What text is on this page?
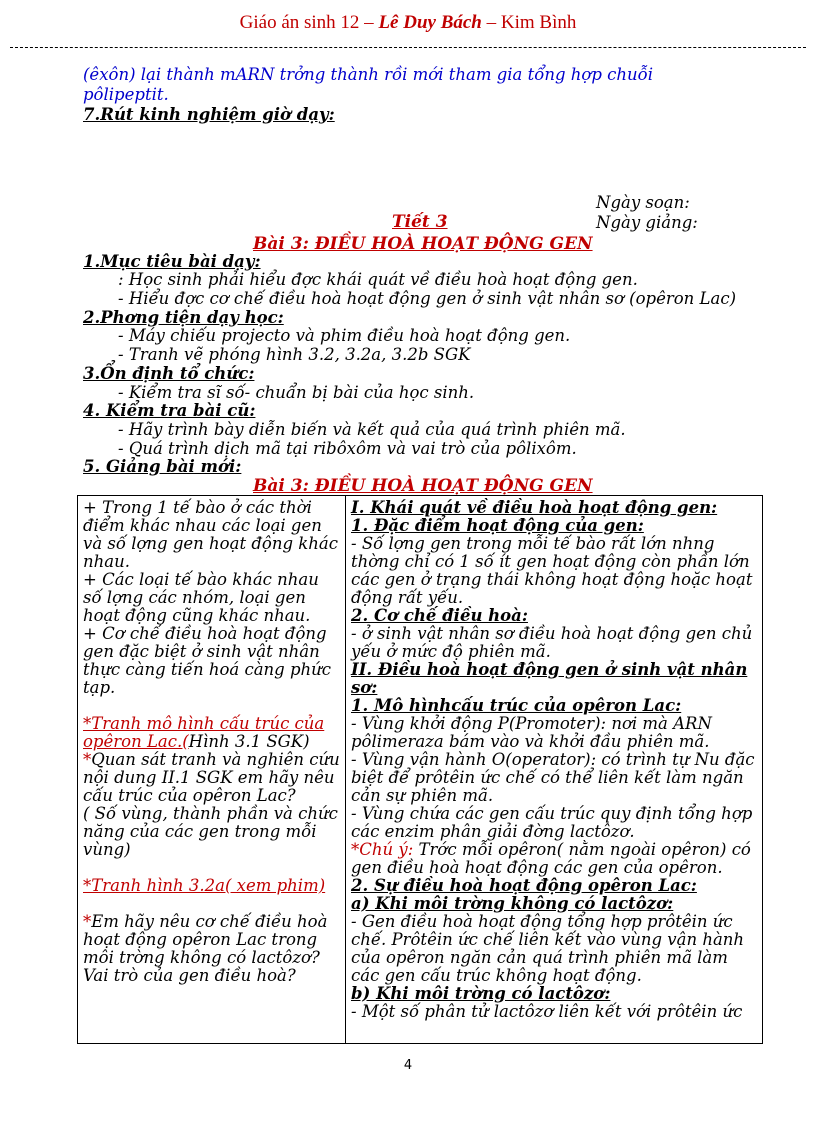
Giáo án sinh 12 – Lê Duy Bách – Kim Bình
(êxôn) lại thành mARN trởng thành rồi mới tham gia tổng hợp chuỗi
pôlipeptit.
7.Rút kinh nghiệm giờ dạy:
Ngày soạn:
Tiết 3	Ngày giảng:
Bài 3: ĐIỀU HOÀ HOẠT ĐỘNG GEN
1.Mục tiêu bài dạy:
: Học sinh phải hiểu đợc khái quát về điều hoà hoạt động gen.
- Hiểu đợc cơ chế điều hoà hoạt động gen ở sinh vật nhân sơ (opêron Lac)
2.Phơng tiện dạy học:
- Máy chiếu projecto và phim điều hoà hoạt động gen.
- Tranh vẽ phóng hình 3.2, 3.2a, 3.2b SGK
3.Ổn định tổ chức:
- Kiểm tra sĩ số- chuẩn bị bài của học sinh.
4. Kiểm tra bài cũ:
- Hãy trình bày diễn biến và kết quả của quá trình phiên mã.
- Quá trình dịch mã tại ribôxôm và vai trò của pôlixôm.
5. Giảng bài mới:
Bài 3: ĐIỀU HOÀ HOẠT ĐỘNG GEN
+ Trong 1 tế bào ở các thời điểm khác nhau các loại gen và số lợng gen hoạt động khác nhau.
+ Các loại tế bào khác nhau số lợng các nhóm, loại gen hoạt động cũng khác nhau.
+ Cơ chế điều hoà hoạt động gen đặc biệt ở sinh vật nhân thực càng tiến hoá càng phức tạp.
*Tranh mô hình cấu trúc của opêron Lac.(Hình 3.1 SGK)
*Quan sát tranh và nghiên cứu nội dung II.1 SGK em hãy nêu cấu trúc của opêron Lac?
( Số vùng, thành phần và chức năng của các gen trong mỗi vùng)
*Tranh hình 3.2a( xem phim)
*Em hãy nêu cơ chế điều hoà hoạt động opêron Lac trong môi trờng không có lactôzơ? Vai trò của gen điều hoà?

I. Khái quát về điều hoà hoạt động gen:
1. Đặc điểm hoạt động của gen:
- Số lợng gen trong mỗi tế bào rất lớn nhng thờng chỉ có 1 số ít gen hoạt động còn phần lớn các gen ở trạng thái không hoạt động hoặc hoạt động rất yếu.
2. Cơ chế điều hoà:
- ở sinh vật nhân sơ điều hoà hoạt động gen chủ yếu ở mức độ phiên mã.
II. Điều hoà hoạt động gen ở sinh vật nhân sơ:
1. Mô hìnhcấu trúc của opêron Lac:
- Vùng khởi động P(Promoter): nơi mà ARN pôlimeraza bám vào và khởi đầu phiên mã.
- Vùng vận hành O(operator): có trình tự Nu đặc biệt để prôtêin ức chế có thể liên kết làm ngăn cản sự phiên mã.
- Vùng chứa các gen cấu trúc quy định tổng hợp các enzim phân giải đờng lactôzơ.
*Chú ý: Trớc mỗi opêron( nằm ngoài opêron) có gen điều hoà hoạt động các gen của opêron.
2. Sự điều hoà hoạt động opêron Lac:
a) Khi môi trờng không có lactôzơ:
- Gen điều hoà hoạt động tổng hợp prôtêin ức chế. Prôtêin ức chế liên kết vào vùng vận hành của opêron ngăn cản quá trình phiên mã làm các gen cấu trúc không hoạt động.
b) Khi môi trờng có lactôzơ:
- Một số phân tử lactôzơ liên kết với prôtêin ức
4
